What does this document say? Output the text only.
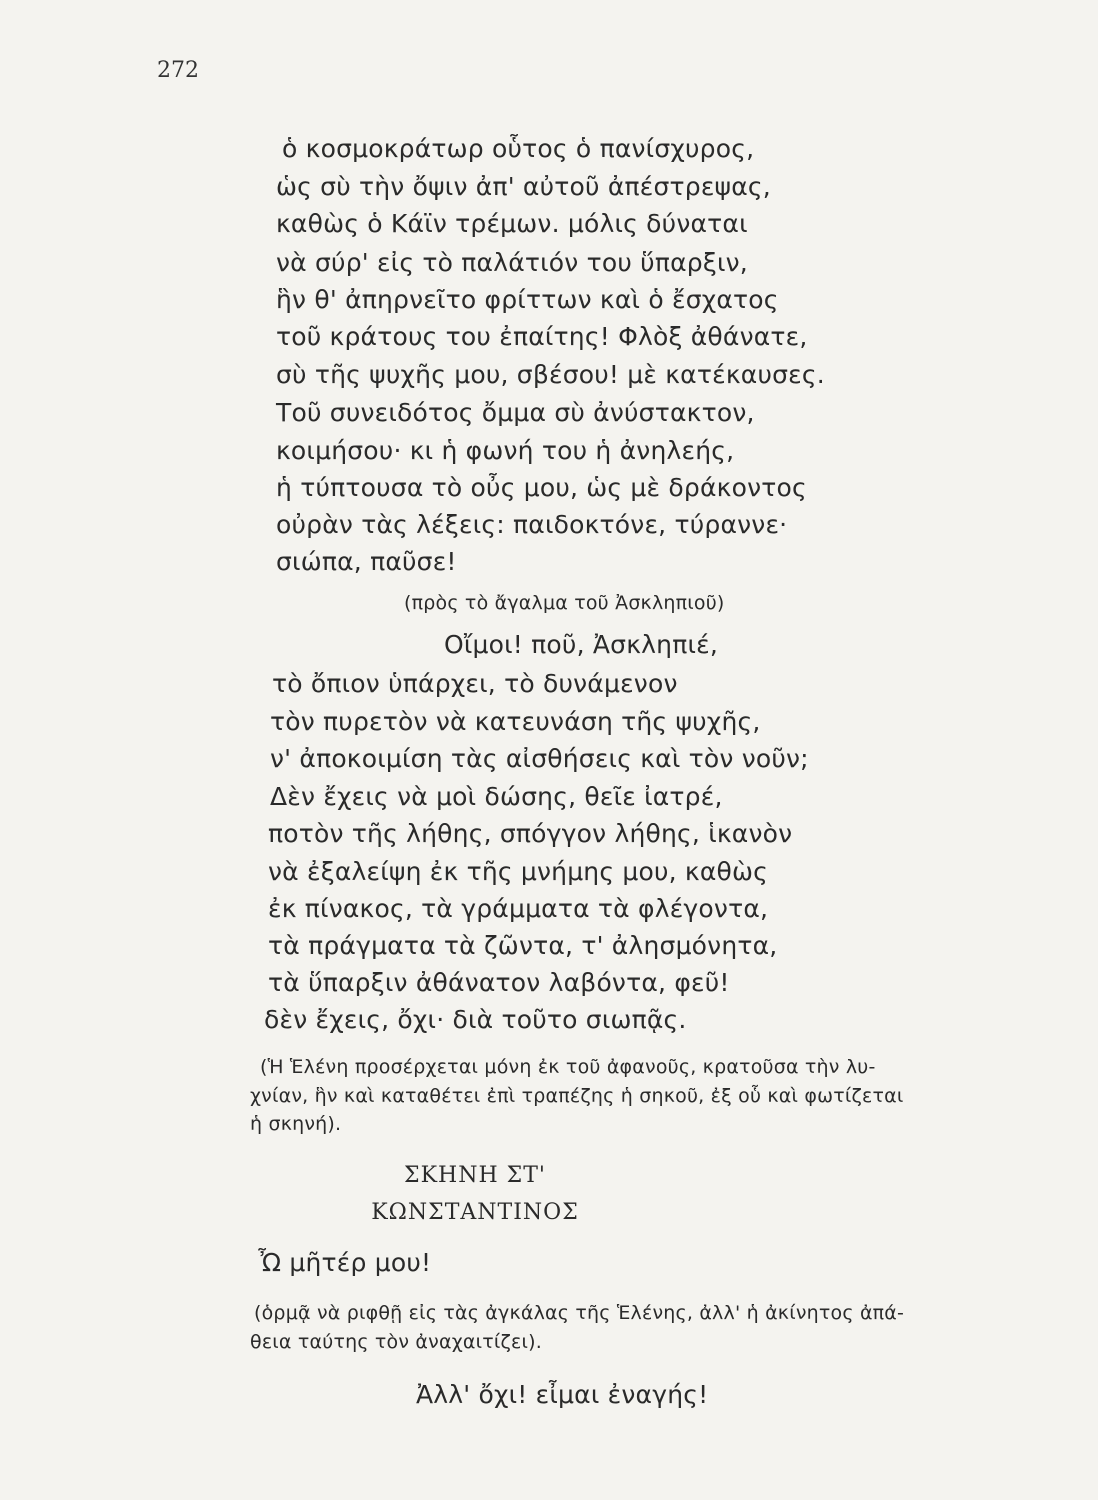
272
ὁ κοσμοκράτωρ οὗτος ὁ πανίσχυρος,
ὡς σὺ τὴν ὄψιν ἀπ' αὐτοῦ ἀπέστρεψας,
καθὼς ὁ Κάϊν τρέμων. μόλις δύναται
νὰ σύρ' εἰς τὸ παλάτιόν του ὕπαρξιν,
ἣν θ' ἀπηρνεῖτο φρίττων καὶ ὁ ἔσχατος
τοῦ κράτους του ἐπαίτης! Φλὸξ ἀθάνατε,
σὺ τῆς ψυχῆς μου, σβέσου! μὲ κατέκαυσες.
Τοῦ συνειδότος ὄμμα σὺ ἀνύστακτον,
κοιμήσου· κι ἡ φωνή του ἡ ἀνηλεής,
ἡ τύπτουσα τὸ οὖς μου, ὡς μὲ δράκοντος
οὐρὰν τὰς λέξεις: παιδοκτόνε, τύραννε·
σιώπα, παῦσε!
(πρὸς τὸ ἄγαλμα τοῦ Ἀσκληπιοῦ)
Οἴμοι! ποῦ, Ἀσκληπιέ,
τὸ ὄπιον ὑπάρχει, τὸ δυνάμενον
τὸν πυρετὸν νὰ κατευνάση τῆς ψυχῆς,
ν' ἀποκοιμίση τὰς αἰσθήσεις καὶ τὸν νοῦν;
Δὲν ἔχεις νὰ μοὶ δώσης, θεῖε ἰατρέ,
ποτὸν τῆς λήθης, σπόγγον λήθης, ἱκανὸν
νὰ ἐξαλείψη ἐκ τῆς μνήμης μου, καθὼς
ἐκ πίνακος, τὰ γράμματα τὰ φλέγοντα,
τὰ πράγματα τὰ ζῶντα, τ' ἀλησμόνητα,
τὰ ὕπαρξιν ἀθάνατον λαβόντα, φεῦ!
δὲν ἔχεις, ὄχι· διὰ τοῦτο σιωπᾷς.
(Ἡ Ἑλένη προσέρχεται μόνη ἐκ τοῦ ἀφανοῦς, κρατοῦσα τὴν λυ-
χνίαν, ἣν καὶ καταθέτει ἐπὶ τραπέζης ἡ σηκοῦ, ἐξ οὗ καὶ φωτίζεται
ἡ σκηνή).
ΣΚΗΝΗ ΣΤ'
ΚΩΝΣΤΑΝΤΙΝΟΣ
Ὦ μῆτέρ μου!
(ὁρμᾷ νὰ ριφθῇ εἰς τὰς ἀγκάλας τῆς Ἑλένης, ἀλλ' ἡ ἀκίνητος ἀπά-
θεια ταύτης τὸν ἀναχαιτίζει).
Ἀλλ' ὄχι! εἶμαι ἐναγής!
